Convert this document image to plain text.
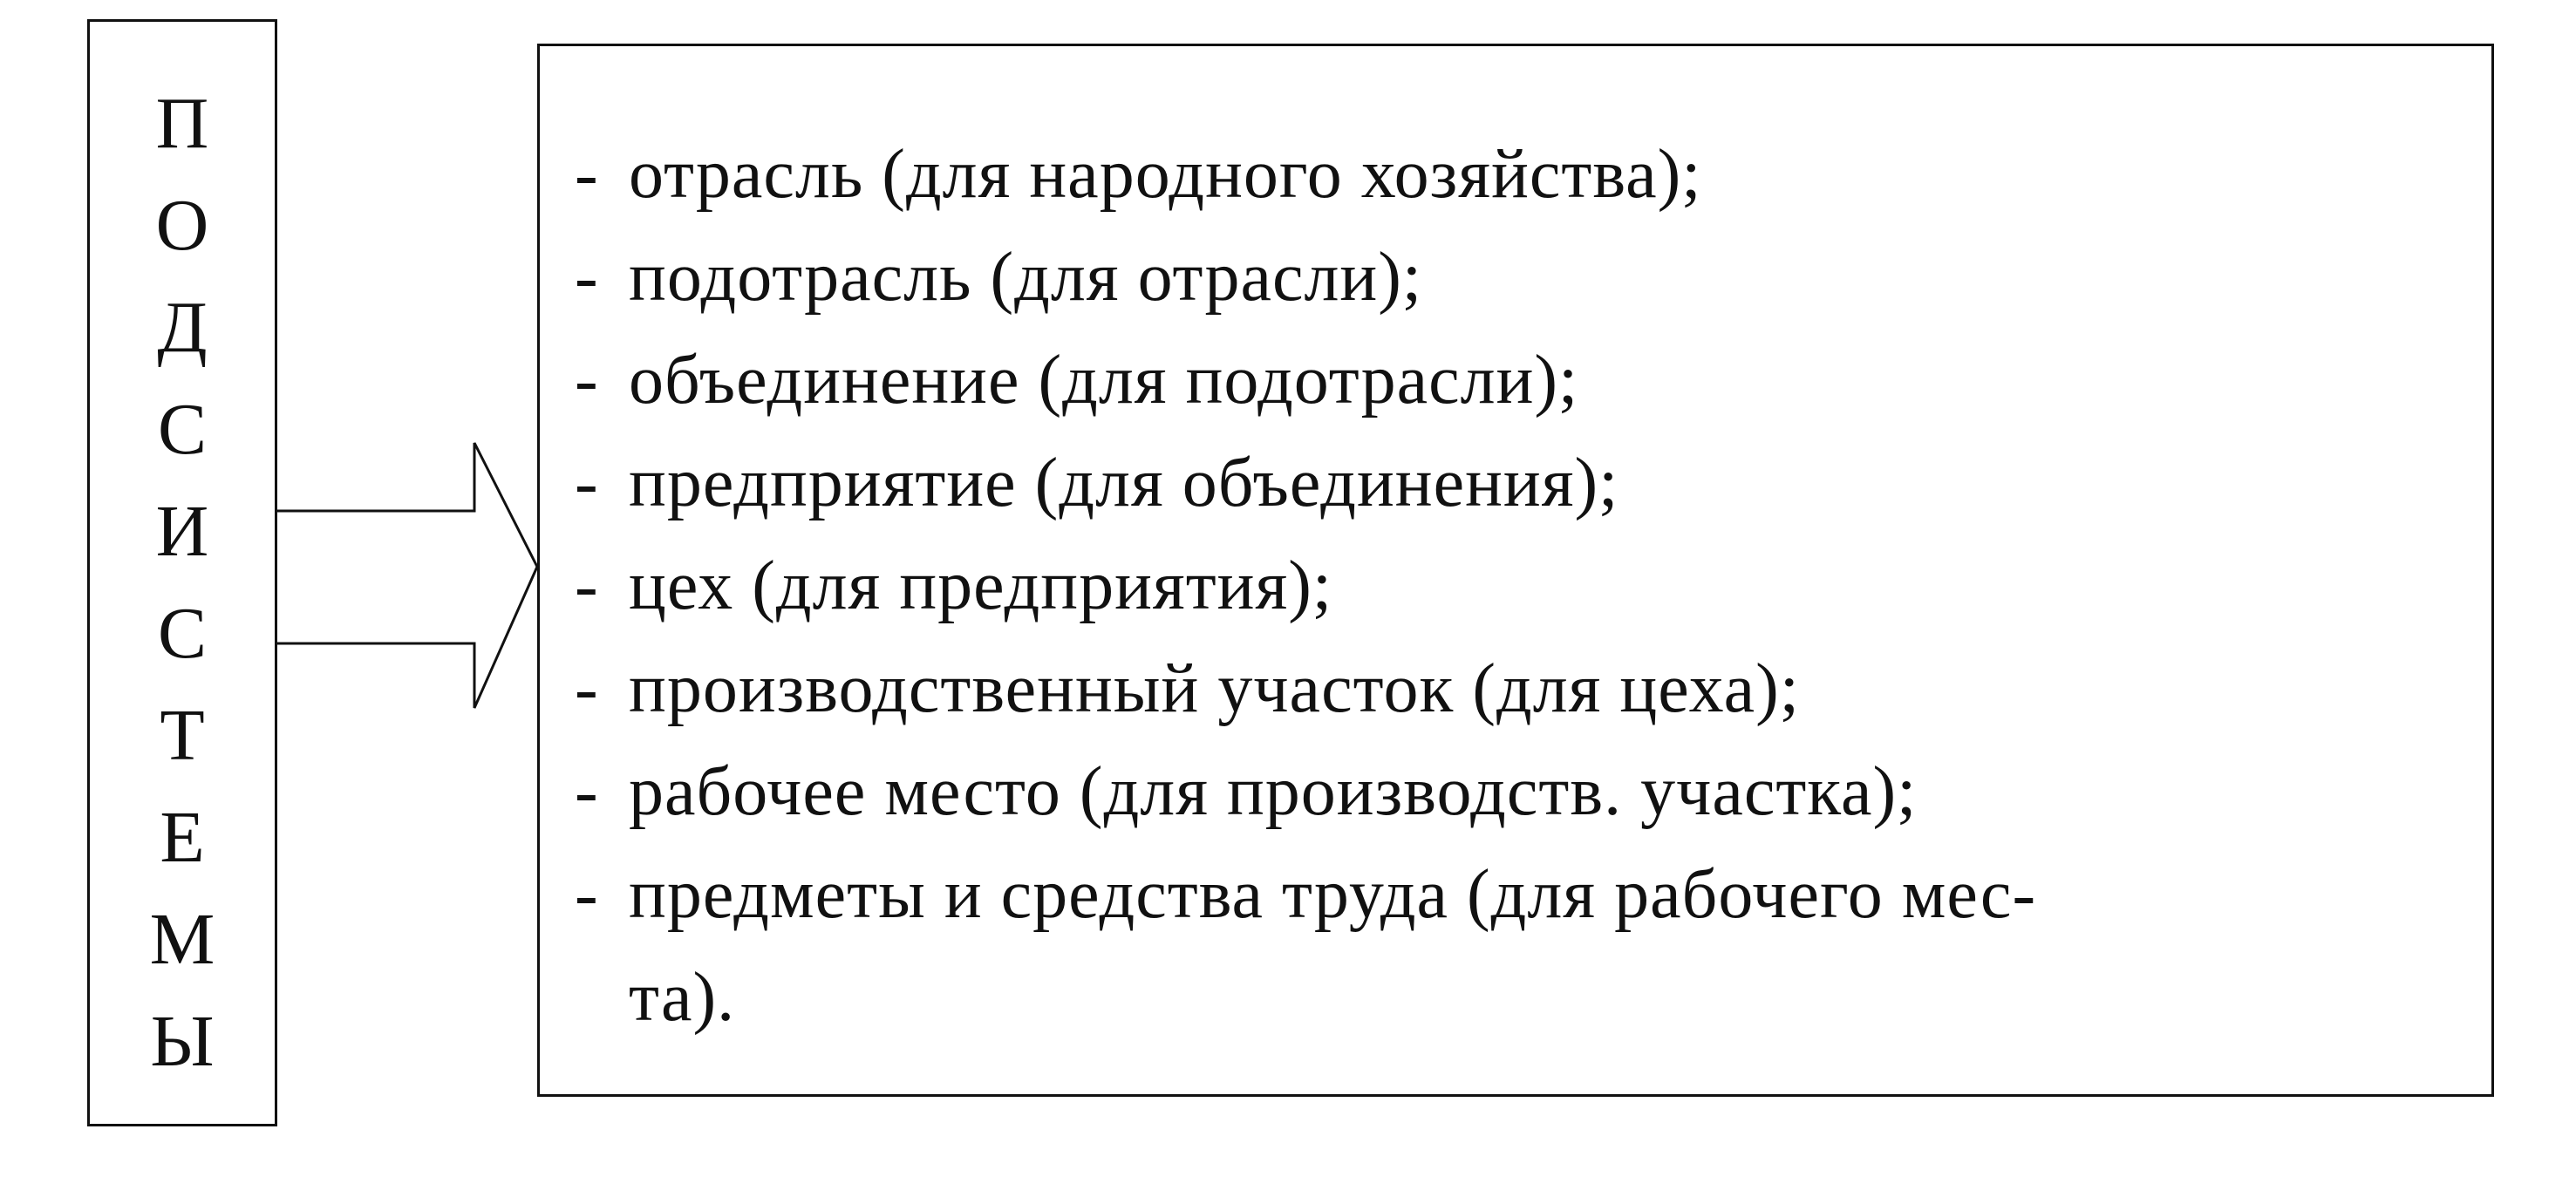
П
О
Д
С
И
С
Т
Е
М
Ы
- отрасль (для народного хозяйства);
- подотрасль (для отрасли);
- объединение (для подотрасли);
- предприятие (для объединения);
- цех (для предприятия);
- производственный участок (для цеха);
- рабочее место (для производств. участка);
- предметы и средства труда (для рабочего мес-
та).
